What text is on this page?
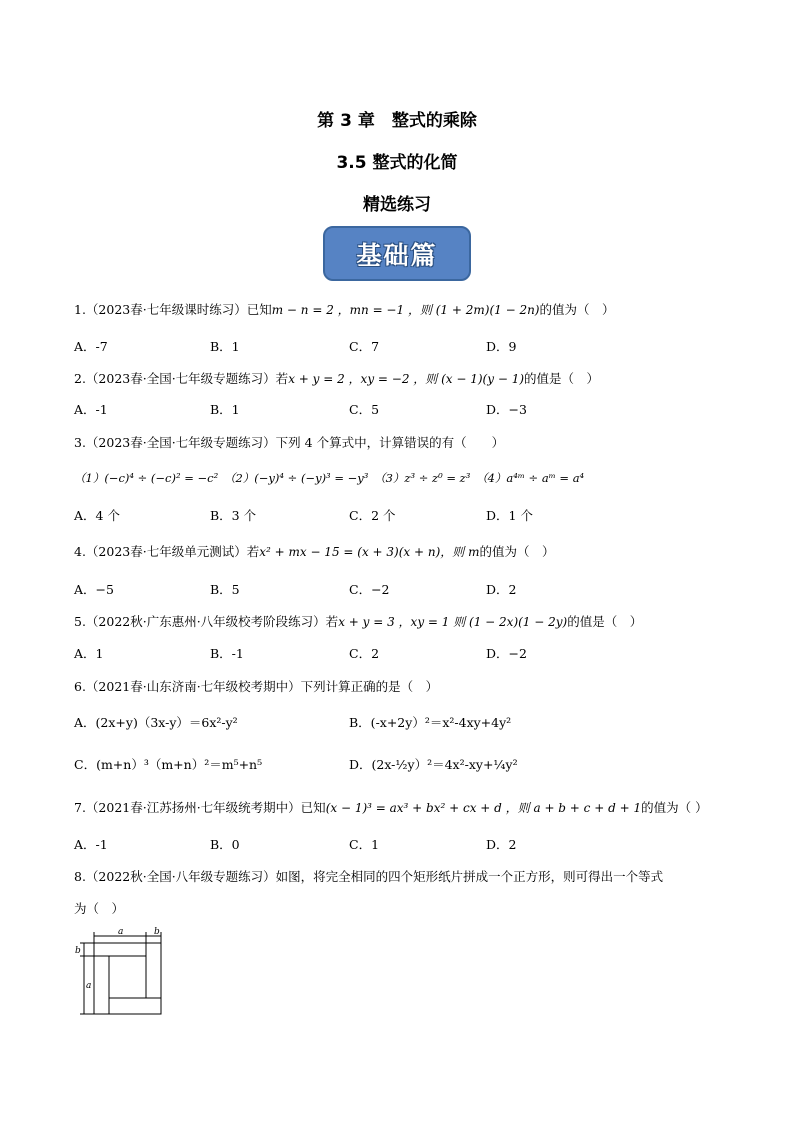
第 3 章　整式的乘除
3.5 整式的化简
精选练习
基础篇
1.（2023春·七年级课时练习）已知m − n = 2 ，mn = −1 ，则 (1 + 2m)(1 − 2n)的值为（　）
A．-7	B．1	C．7	D．9
2.（2023春·全国·七年级专题练习）若x + y = 2 ，xy = −2 ，则 (x − 1)(y − 1)的值是（　）
A．-1	B．1	C．5	D．−3
3.（2023春·全国·七年级专题练习）下列 4 个算式中，计算错误的有（　　）
（1）(−c)⁴ ÷ (−c)² = −c²　（2）(−y)⁴ ÷ (−y)³ = −y³　（3）z³ ÷ z⁰ = z³　（4）a⁴ᵐ ÷ aᵐ = a⁴
A．4 个	B．3 个	C．2 个	D．1 个
4.（2023春·七年级单元测试）若x² + mx − 15 = (x + 3)(x + n)，则 m的值为（　）
A．−5	B．5	C．−2	D．2
5.（2022秋·广东惠州·八年级校考阶段练习）若x + y = 3 ，xy = 1 则 (1 − 2x)(1 − 2y)的值是（　）
A．1	B．-1	C．2	D．−2
6.（2021春·山东济南·七年级校考期中）下列计算正确的是（　）
A．(2x+y)（3x-y）＝6x²-y²	B．(-x+2y）²＝x²-4xy+4y²
C．(m+n）³（m+n）²＝m⁵+n⁵	D．(2x-½y）²＝4x²-xy+¼y²
7.（2021春·江苏扬州·七年级统考期中）已知(x − 1)³ = ax³ + bx² + cx + d ，则 a + b + c + d + 1的值为（ ）
A．-1	B．0	C．1	D．2
8.（2022秋·全国·八年级专题练习）如图，将完全相同的四个矩形纸片拼成一个正方形，则可得出一个等式
为（　）
a	b
b
a
